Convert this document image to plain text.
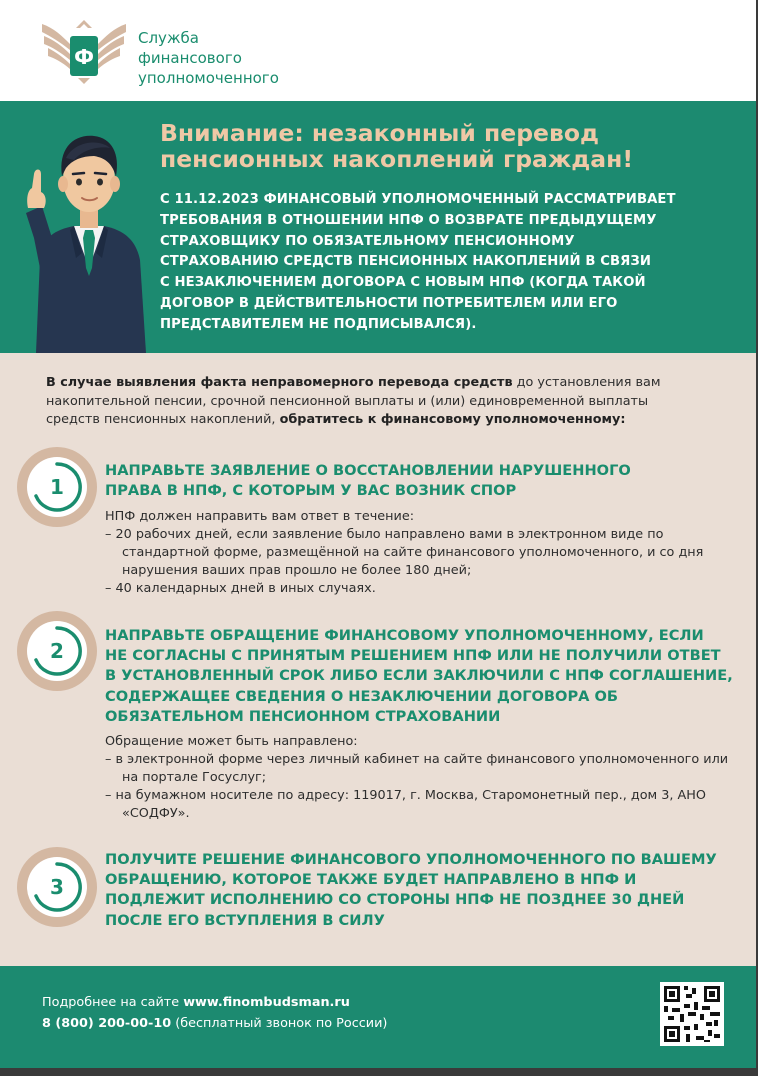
Ф
Служба
финансового
уполномоченного
Внимание: незаконный перевод
пенсионных накоплений граждан!
С 11.12.2023 ФИНАНСОВЫЙ УПОЛНОМОЧЕННЫЙ РАССМАТРИВАЕТ
ТРЕБОВАНИЯ В ОТНОШЕНИИ НПФ О ВОЗВРАТЕ ПРЕДЫДУЩЕМУ
СТРАХОВЩИКУ ПО ОБЯЗАТЕЛЬНОМУ ПЕНСИОННОМУ
СТРАХОВАНИЮ СРЕДСТВ ПЕНСИОННЫХ НАКОПЛЕНИЙ В СВЯЗИ
С НЕЗАКЛЮЧЕНИЕМ ДОГОВОРА С НОВЫМ НПФ (КОГДА ТАКОЙ
ДОГОВОР В ДЕЙСТВИТЕЛЬНОСТИ ПОТРЕБИТЕЛЕМ ИЛИ ЕГО
ПРЕДСТАВИТЕЛЕМ НЕ ПОДПИСЫВАЛСЯ).
В случае выявления факта неправомерного перевода средств до установления вам
накопительной пенсии, срочной пенсионной выплаты и (или) единовременной выплаты
средств пенсионных накоплений, обратитесь к финансовому уполномоченному:
1
НАПРАВЬТЕ ЗАЯВЛЕНИЕ О ВОССТАНОВЛЕНИИ НАРУШЕННОГО
ПРАВА В НПФ, С КОТОРЫМ У ВАС ВОЗНИК СПОР

НПФ должен направить вам ответ в течение:

– 20 рабочих дней, если заявление было направлено вами в электронном виде по стандартной форме, размещённой на сайте финансового уполномоченного, и со дня нарушения ваших прав прошло не более 180 дней;

– 40 календарных дней в иных случаях.

2
НАПРАВЬТЕ ОБРАЩЕНИЕ ФИНАНСОВОМУ УПОЛНОМОЧЕННОМУ, ЕСЛИ
НЕ СОГЛАСНЫ С ПРИНЯТЫМ РЕШЕНИЕМ НПФ ИЛИ НЕ ПОЛУЧИЛИ ОТВЕТ
В УСТАНОВЛЕННЫЙ СРОК ЛИБО ЕСЛИ ЗАКЛЮЧИЛИ С НПФ СОГЛАШЕНИЕ,
СОДЕРЖАЩЕЕ СВЕДЕНИЯ О НЕЗАКЛЮЧЕНИИ ДОГОВОРА ОБ
ОБЯЗАТЕЛЬНОМ ПЕНСИОННОМ СТРАХОВАНИИ

Обращение может быть направлено:

– в электронной форме через личный кабинет на сайте финансового уполномоченного или на портале Госуслуг;

– на бумажном носителе по адресу: 119017, г. Москва, Старомонетный пер., дом 3, АНО «СОДФУ».

3
ПОЛУЧИТЕ РЕШЕНИЕ ФИНАНСОВОГО УПОЛНОМОЧЕННОГО ПО ВАШЕМУ
ОБРАЩЕНИЮ, КОТОРОЕ ТАКЖЕ БУДЕТ НАПРАВЛЕНО В НПФ И
ПОДЛЕЖИТ ИСПОЛНЕНИЮ СО СТОРОНЫ НПФ НЕ ПОЗДНЕЕ 30 ДНЕЙ
ПОСЛЕ ЕГО ВСТУПЛЕНИЯ В СИЛУ
Подробнее на сайте www.finombudsman.ru
8 (800) 200-00-10 (бесплатный звонок по России)
